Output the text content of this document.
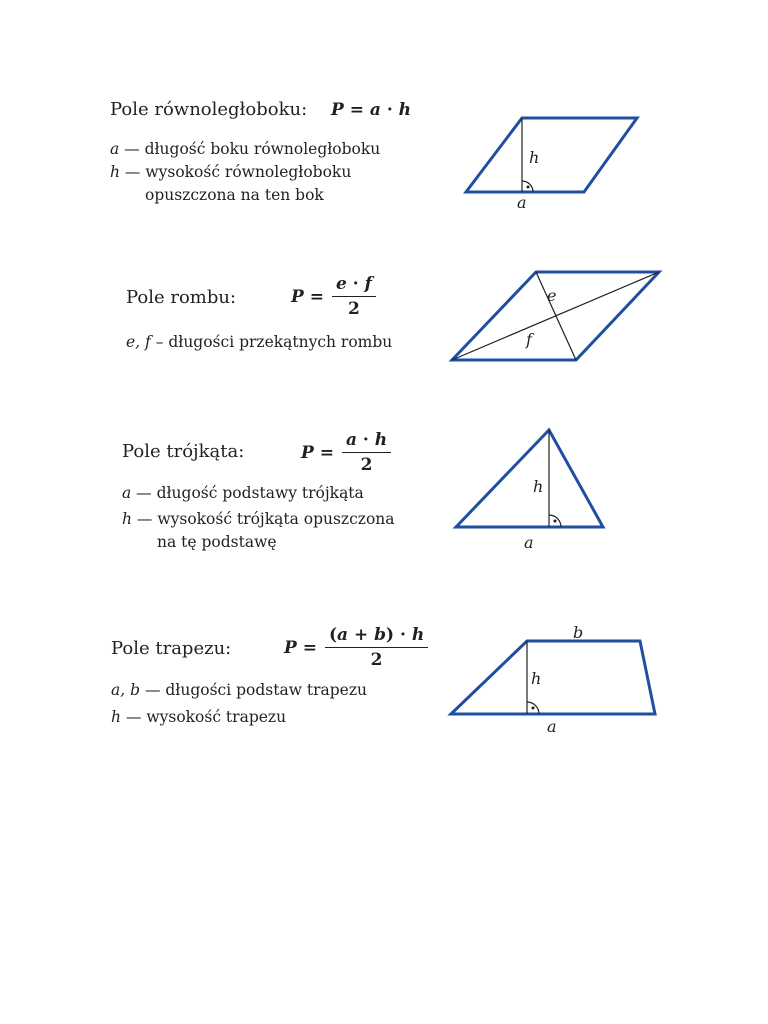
Pole równoległoboku: P = a · h
a — długość boku równoległoboku
h — wysokość równoległoboku
opuszczona na ten bok
h
a
Pole rombu:	$P = \frac{e \cdot f}{2}$
e, f – długości przekątnych rombu
e
f
Pole trójkąta:	$P = \frac{a \cdot h}{2}$
a — długość podstawy trójkąta
h — wysokość trójkąta opuszczona
na tę podstawę
h
a
Pole trapezu:	$P = \frac{(a + b) \cdot h}{2}$
a, b — długości podstaw trapezu
h — wysokość trapezu
b
h
a
